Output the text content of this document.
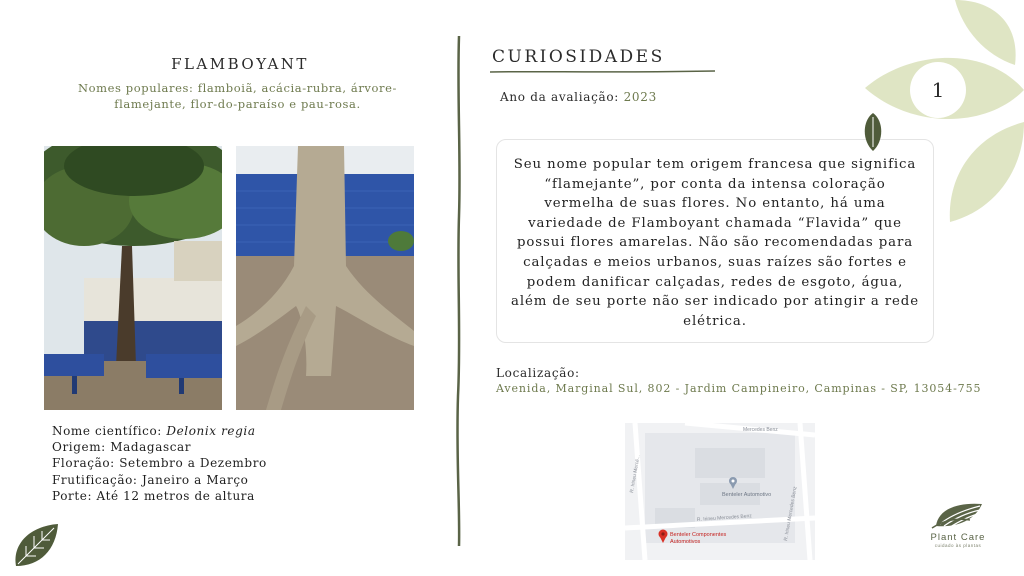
FLAMBOYANT
Nomes populares: flamboiã, acácia-rubra, árvore-flamejante, flor-do-paraíso e pau-rosa.
Nome científico: Delonix regia
Origem: Madagascar
Floração: Setembro a Dezembro
Frutificação: Janeiro a Março
Porte: Até 12 metros de altura
CURIOSIDADES
Ano da avaliação: 2023
Seu nome popular tem origem francesa que significa “flamejante”, por conta da intensa coloração vermelha de suas flores. No entanto, há uma variedade de Flamboyant chamada “Flavida” que possui flores amarelas. Não são recomendadas para calçadas e meios urbanos, suas raízes são fortes e podem danificar calçadas, redes de esgoto, água, além de seu porte não ser indicado por atingir a rede elétrica.
Localização:
Avenida, Marginal Sul, 802 - Jardim Campineiro, Campinas - SP, 13054-755
Mercedes Benz
R. Irineu Mercê...
R. Irineu Mercedes Benz	R. Irineu Mercedes Benz
Benteler Automotivo
Benteler Componentes
Automotivos
1
Plant Care
cuidado às plantas
